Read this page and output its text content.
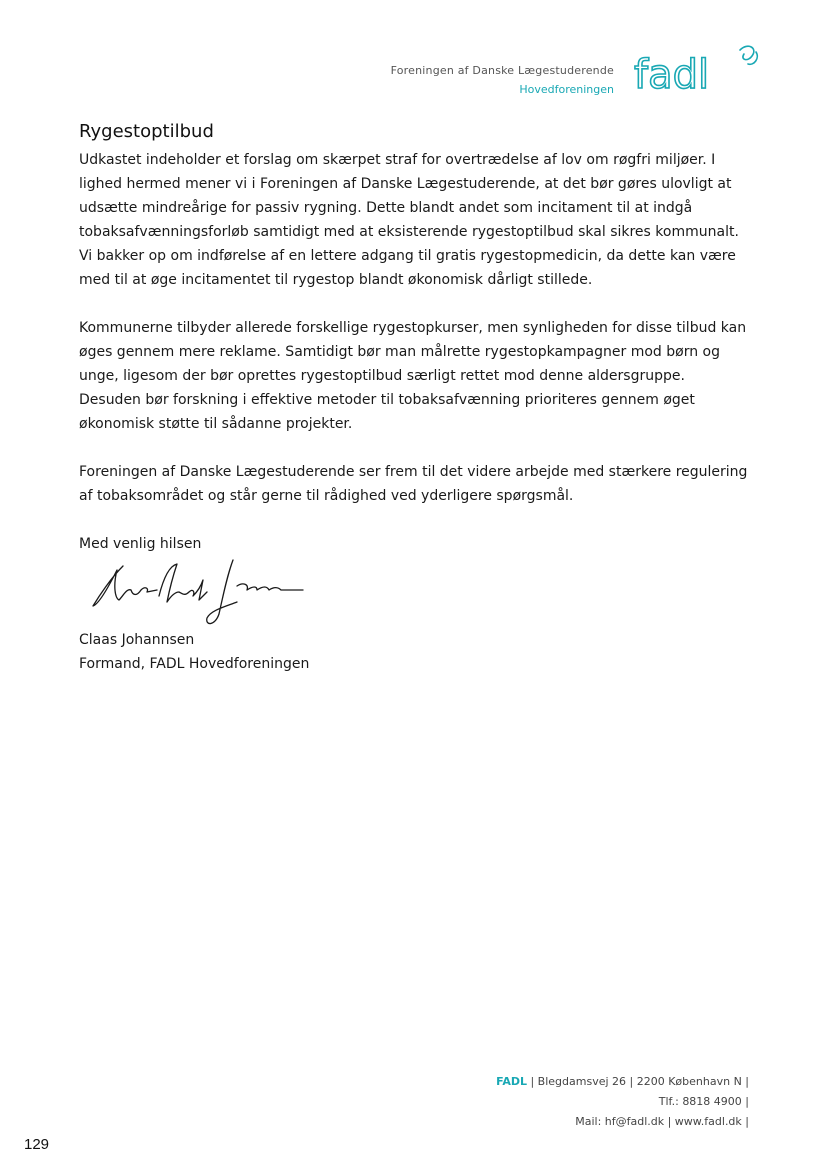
Foreningen af Danske Lægestuderende
Hovedforeningen fadl
Rygestoptilbud

Udkastet indeholder et forslag om skærpet straf for overtrædelse af lov om røgfri miljøer. I lighed hermed mener vi i Foreningen af Danske Lægestuderende, at det bør gøres ulovligt at udsætte mindreårige for passiv rygning. Dette blandt andet som incitament til at indgå tobaksafvænningsforløb samtidigt med at eksisterende rygestoptilbud skal sikres kommunalt. Vi bakker op om indførelse af en lettere adgang til gratis rygestopmedicin, da dette kan være med til at øge incitamentet til rygestop blandt økonomisk dårligt stillede.

Kommunerne tilbyder allerede forskellige rygestopkurser, men synligheden for disse tilbud kan øges gennem mere reklame. Samtidigt bør man målrette rygestopkampagner mod børn og unge, ligesom der bør oprettes rygestoptilbud særligt rettet mod denne aldersgruppe. Desuden bør forskning i effektive metoder til tobaksafvænning prioriteres gennem øget økonomisk støtte til sådanne projekter.

Foreningen af Danske Lægestuderende ser frem til det videre arbejde med stærkere regulering af tobaksområdet og står gerne til rådighed ved yderligere spørgsmål.

Med venlig hilsen

Claas Johannsen

Formand, FADL Hovedforeningen

FADL | Blegdamsvej 26 | 2200 København N |
Tlf.: 8818 4900 |
Mail: hf@fadl.dk | www.fadl.dk |
129
